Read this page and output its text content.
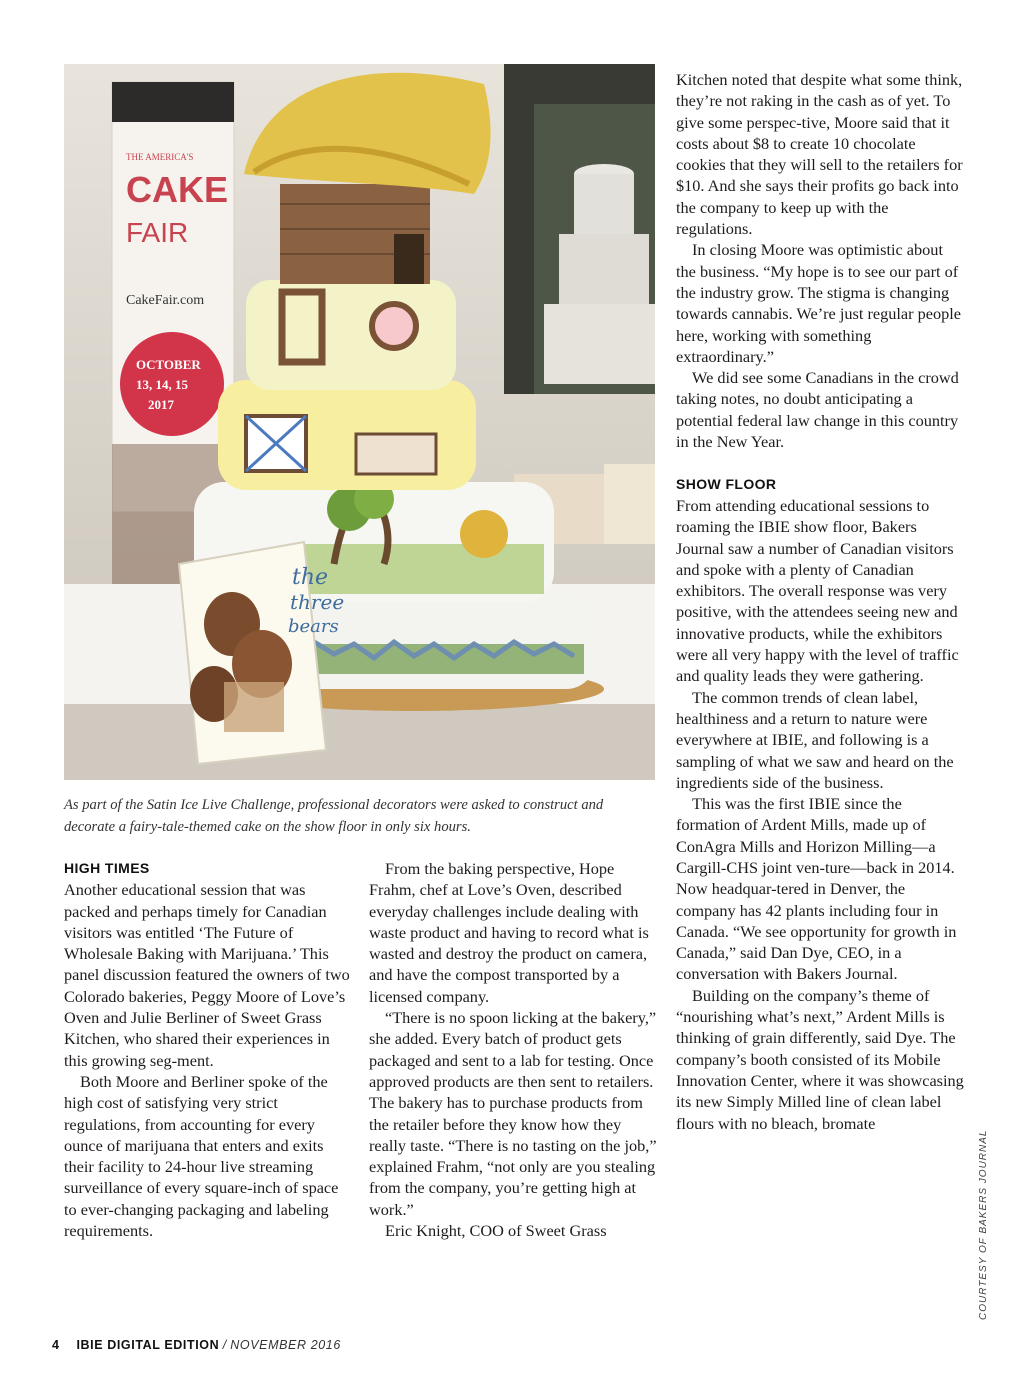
THE AMERICA'S
CAKE
FAIR
CakeFair.com
OCTOBER
13, 14, 15
2017
the
three
bears
As part of the Satin Ice Live Challenge, professional decorators were asked to construct and decorate a fairy-tale-themed cake on the show floor in only six hours.

HIGH TIMES

Another educational session that was packed and perhaps timely for Canadian visitors was entitled ‘The Future of Wholesale Baking with Marijuana.’ This panel discussion featured the owners of two Colorado bakeries, Peggy Moore of Love’s Oven and Julie Berliner of Sweet Grass Kitchen, who shared their experiences in this growing seg-ment.

Both Moore and Berliner spoke of the high cost of satisfying very strict regulations, from accounting for every ounce of marijuana that enters and exits their facility to 24-hour live streaming surveillance of every square-inch of space to ever-changing packaging and labeling requirements.

From the baking perspective, Hope Frahm, chef at Love’s Oven, described everyday challenges include dealing with waste product and having to record what is wasted and destroy the product on camera, and have the compost transported by a licensed company.

“There is no spoon licking at the bakery,” she added. Every batch of product gets packaged and sent to a lab for testing. Once approved products are then sent to retailers. The bakery has to purchase products from the retailer before they know how they really taste. “There is no tasting on the job,” explained Frahm, “not only are you stealing from the company, you’re getting high at work.”

Eric Knight, COO of Sweet Grass

Kitchen noted that despite what some think, they’re not raking in the cash as of yet. To give some perspec-tive, Moore said that it costs about $8 to create 10 chocolate cookies that they will sell to the retailers for $10. And she says their profits go back into the company to keep up with the regulations.

In closing Moore was optimistic about the business. “My hope is to see our part of the industry grow. The stigma is changing towards cannabis. We’re just regular people here, working with something extraordinary.”

We did see some Canadians in the crowd taking notes, no doubt anticipating a potential federal law change in this country in the New Year.

SHOW FLOOR

From attending educational sessions to roaming the IBIE show floor, Bakers Journal saw a number of Canadian visitors and spoke with a plenty of Canadian exhibitors. The overall response was very positive, with the attendees seeing new and innovative products, while the exhibitors were all very happy with the level of traffic and quality leads they were gathering.

The common trends of clean label, healthiness and a return to nature were everywhere at IBIE, and following is a sampling of what we saw and heard on the ingredients side of the business.

This was the first IBIE since the formation of Ardent Mills, made up of ConAgra Mills and Horizon Milling—a Cargill-CHS joint ven-ture—back in 2014. Now headquar-tered in Denver, the company has 42 plants including four in Canada. “We see opportunity for growth in Canada,” said Dan Dye, CEO, in a conversation with Bakers Journal.

Building on the company’s theme of “nourishing what’s next,” Ardent Mills is thinking of grain differently, said Dye. The company’s booth consisted of its Mobile Innovation Center, where it was showcasing its new Simply Milled line of clean label flours with no bleach, bromate

COURTESY OF BAKERS JOURNAL
4 IBIE DIGITAL EDITION / NOVEMBER 2016
